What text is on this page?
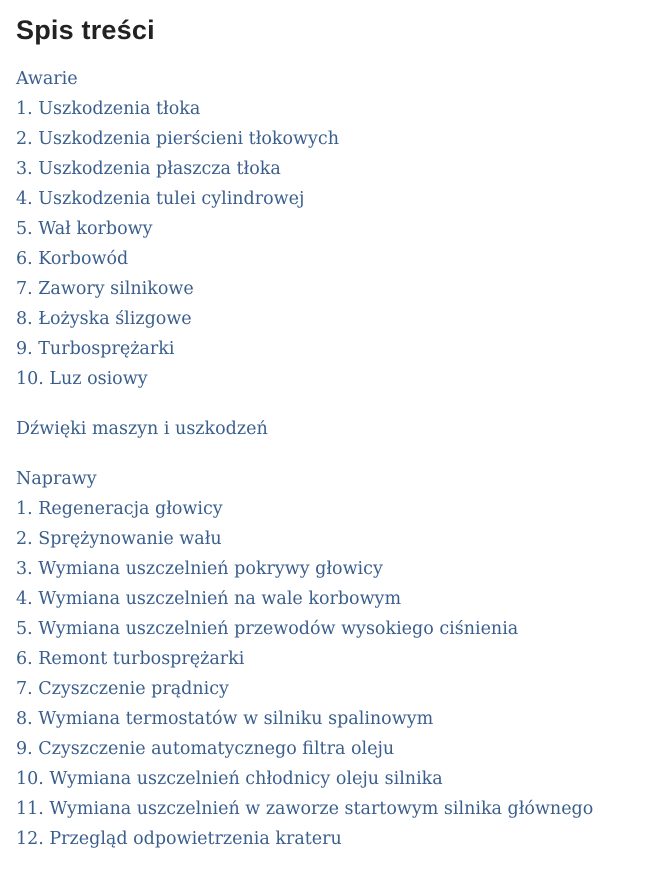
Spis treści
Awarie
1. Uszkodzenia tłoka
2. Uszkodzenia pierścieni tłokowych
3. Uszkodzenia płaszcza tłoka
4. Uszkodzenia tulei cylindrowej
5. Wał korbowy
6. Korbowód
7. Zawory silnikowe
8. Łożyska ślizgowe
9. Turbosprężarki
10. Luz osiowy
Dźwięki maszyn i uszkodzeń
Naprawy
1. Regeneracja głowicy
2. Sprężynowanie wału
3. Wymiana uszczelnień pokrywy głowicy
4. Wymiana uszczelnień na wale korbowym
5. Wymiana uszczelnień przewodów wysokiego ciśnienia
6. Remont turbosprężarki
7. Czyszczenie prądnicy
8. Wymiana termostatów w silniku spalinowym
9. Czyszczenie automatycznego filtra oleju
10. Wymiana uszczelnień chłodnicy oleju silnika
11. Wymiana uszczelnień w zaworze startowym silnika głównego
12. Przegląd odpowietrzenia krateru
